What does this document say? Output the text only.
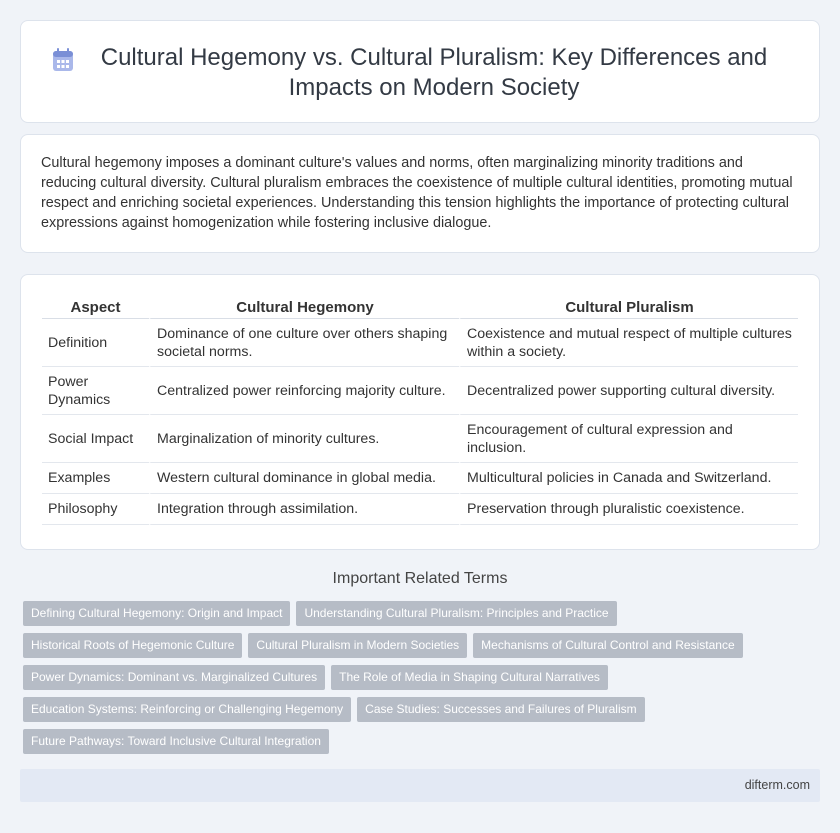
Cultural Hegemony vs. Cultural Pluralism: Key Differences and Impacts on Modern Society

Cultural hegemony imposes a dominant culture's values and norms, often marginalizing minority traditions and reducing cultural diversity. Cultural pluralism embraces the coexistence of multiple cultural identities, promoting mutual respect and enriching societal experiences. Understanding this tension highlights the importance of protecting cultural expressions against homogenization while fostering inclusive dialogue.

Aspect	Cultural Hegemony	Cultural Pluralism
Definition	Dominance of one culture over others shaping societal norms.	Coexistence and mutual respect of multiple cultures within a society.
Power Dynamics	Centralized power reinforcing majority culture.	Decentralized power supporting cultural diversity.
Social Impact	Marginalization of minority cultures.	Encouragement of cultural expression and inclusion.
Examples	Western cultural dominance in global media.	Multicultural policies in Canada and Switzerland.
Philosophy	Integration through assimilation.	Preservation through pluralistic coexistence.
Important Related Terms
Defining Cultural Hegemony: Origin and Impact Understanding Cultural Pluralism: Principles and Practice
Historical Roots of Hegemonic Culture Cultural Pluralism in Modern Societies Mechanisms of Cultural Control and Resistance
Power Dynamics: Dominant vs. Marginalized Cultures The Role of Media in Shaping Cultural Narratives
Education Systems: Reinforcing or Challenging Hegemony Case Studies: Successes and Failures of Pluralism
Future Pathways: Toward Inclusive Cultural Integration
difterm.com
